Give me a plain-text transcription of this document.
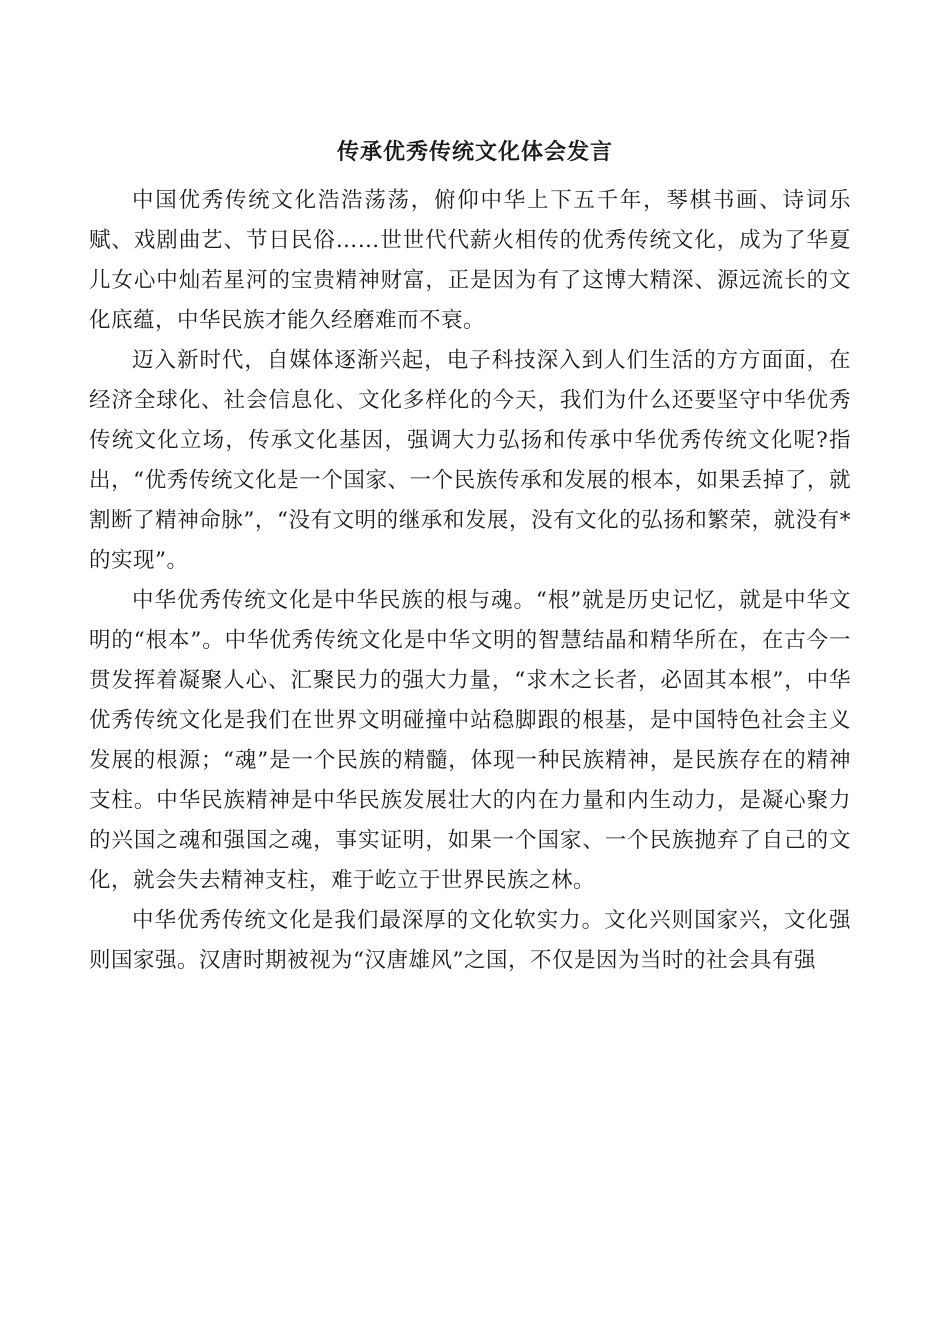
传承优秀传统文化体会发言

中国优秀传统文化浩浩荡荡，俯仰中华上下五千年，琴棋书画、诗词乐赋、戏剧曲艺、节日民俗……世世代代薪火相传的优秀传统文化，成为了华夏儿女心中灿若星河的宝贵精神财富，正是因为有了这博大精深、源远流长的文化底蕴，中华民族才能久经磨难而不衰。

迈入新时代，自媒体逐渐兴起，电子科技深入到人们生活的方方面面，在经济全球化、社会信息化、文化多样化的今天，我们为什么还要坚守中华优秀传统文化立场，传承文化基因，强调大力弘扬和传承中华优秀传统文化呢?指出，“优秀传统文化是一个国家、一个民族传承和发展的根本，如果丢掉了，就割断了精神命脉”，“没有文明的继承和发展，没有文化的弘扬和繁荣，就没有*的实现”。

中华优秀传统文化是中华民族的根与魂。“根”就是历史记忆，就是中华文明的“根本”。中华优秀传统文化是中华文明的智慧结晶和精华所在，在古今一贯发挥着凝聚人心、汇聚民力的强大力量，“求木之长者，必固其本根”，中华优秀传统文化是我们在世界文明碰撞中站稳脚跟的根基，是中国特色社会主义发展的根源；“魂”是一个民族的精髓，体现一种民族精神，是民族存在的精神支柱。中华民族精神是中华民族发展壮大的内在力量和内生动力，是凝心聚力的兴国之魂和强国之魂，事实证明，如果一个国家、一个民族抛弃了自己的文化，就会失去精神支柱，难于屹立于世界民族之林。

中华优秀传统文化是我们最深厚的文化软实力。文化兴则国家兴，文化强则国家强。汉唐时期被视为“汉唐雄风”之国，不仅是因为当时的社会具有强
